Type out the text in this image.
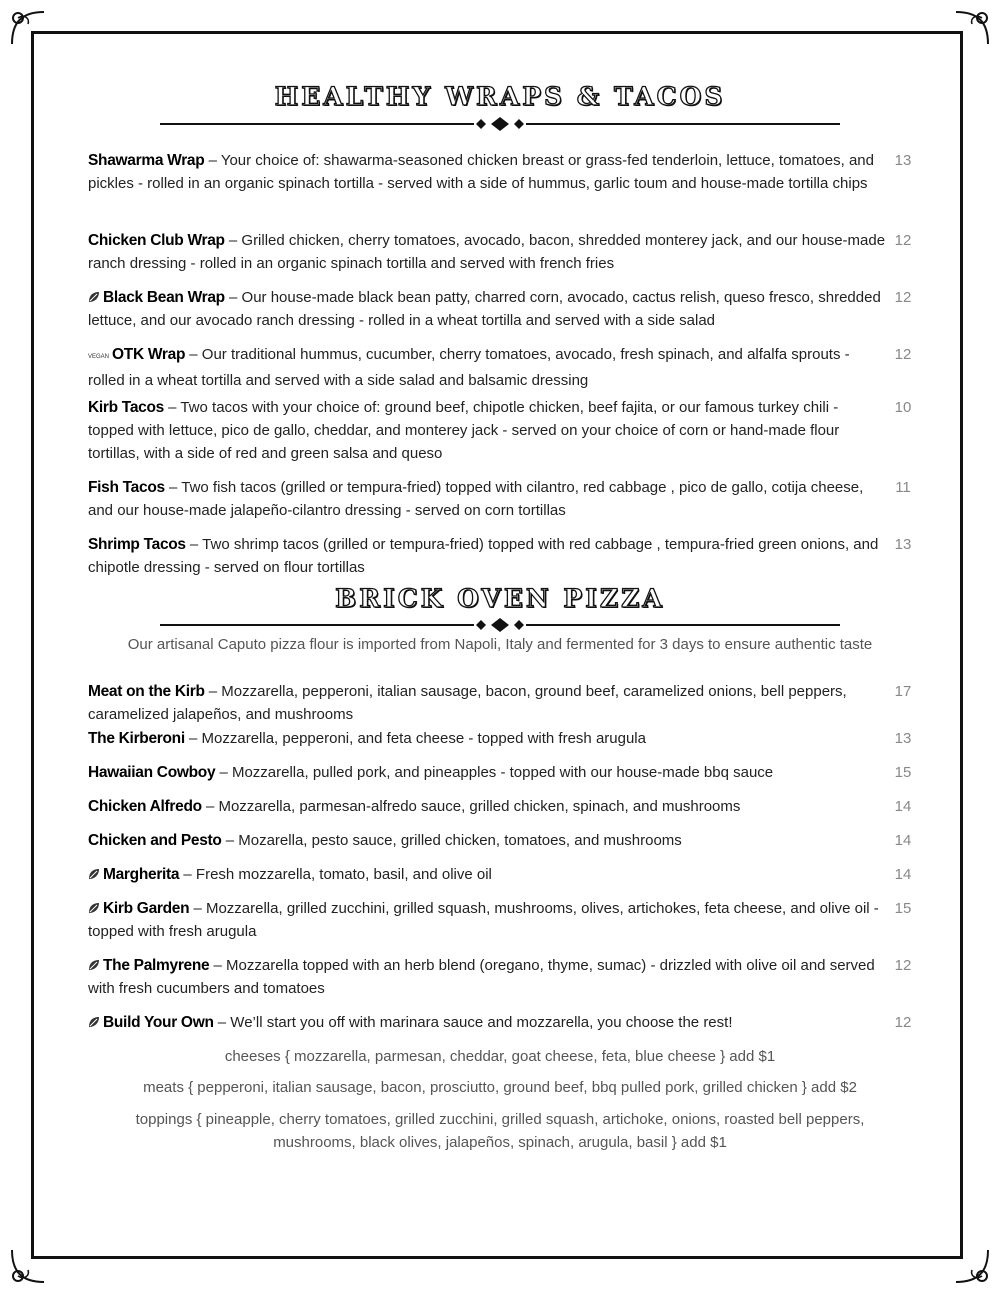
HEALTHY WRAPS & TACOS
Shawarma Wrap – Your choice of: shawarma-seasoned chicken breast or grass-fed tenderloin, lettuce, tomatoes, and pickles - rolled in an organic spinach tortilla - served with a side of hummus, garlic toum and house-made tortilla chips
13
Chicken Club Wrap – Grilled chicken, cherry tomatoes, avocado, bacon, shredded monterey jack, and our house-made ranch dressing - rolled in an organic spinach tortilla and served with french fries
12
Black Bean Wrap – Our house-made black bean patty, charred corn, avocado, cactus relish, queso fresco, shredded lettuce, and our avocado ranch dressing - rolled in a wheat tortilla and served with a side salad
12
VEGAN OTK Wrap – Our traditional hummus, cucumber, cherry tomatoes, avocado, fresh spinach, and alfalfa sprouts - rolled in a wheat tortilla and served with a side salad and balsamic dressing
12
Kirb Tacos – Two tacos with your choice of: ground beef, chipotle chicken, beef fajita, or our famous turkey chili - topped with lettuce, pico de gallo, cheddar, and monterey jack - served on your choice of corn or hand-made flour tortillas, with a side of red and green salsa and queso
10
Fish Tacos – Two fish tacos (grilled or tempura-fried) topped with cilantro, red cabbage , pico de gallo, cotija cheese, and our house-made jalapeño-cilantro dressing - served on corn tortillas
11
Shrimp Tacos – Two shrimp tacos (grilled or tempura-fried) topped with red cabbage , tempura-fried green onions, and chipotle dressing - served on flour tortillas
13
BRICK OVEN PIZZA
Our artisanal Caputo pizza flour is imported from Napoli, Italy and fermented for 3 days to ensure authentic taste
Meat on the Kirb – Mozzarella, pepperoni, italian sausage, bacon, ground beef, caramelized onions, bell peppers, caramelized jalapeños, and mushrooms
17
The Kirberoni – Mozzarella, pepperoni, and feta cheese - topped with fresh arugula	13
Hawaiian Cowboy – Mozzarella, pulled pork, and pineapples - topped with our house-made bbq sauce	15
Chicken Alfredo – Mozzarella, parmesan-alfredo sauce, grilled chicken, spinach, and mushrooms	14
Chicken and Pesto – Mozarella, pesto sauce, grilled chicken, tomatoes, and mushrooms	14
Margherita – Fresh mozzarella, tomato, basil, and olive oil	14
Kirb Garden – Mozzarella, grilled zucchini, grilled squash, mushrooms, olives, artichokes, feta cheese, and olive oil - topped with fresh arugula
15
The Palmyrene – Mozzarella topped with an herb blend (oregano, thyme, sumac) - drizzled with olive oil and served with fresh cucumbers and tomatoes
12
Build Your Own – We’ll start you off with marinara sauce and mozzarella, you choose the rest!	12
cheeses { mozzarella, parmesan, cheddar, goat cheese, feta, blue cheese } add $1
meats { pepperoni, italian sausage, bacon, prosciutto, ground beef, bbq pulled pork, grilled chicken } add $2
toppings { pineapple, cherry tomatoes, grilled zucchini, grilled squash, artichoke, onions, roasted bell peppers, mushrooms, black olives, jalapeños, spinach, arugula, basil } add $1
